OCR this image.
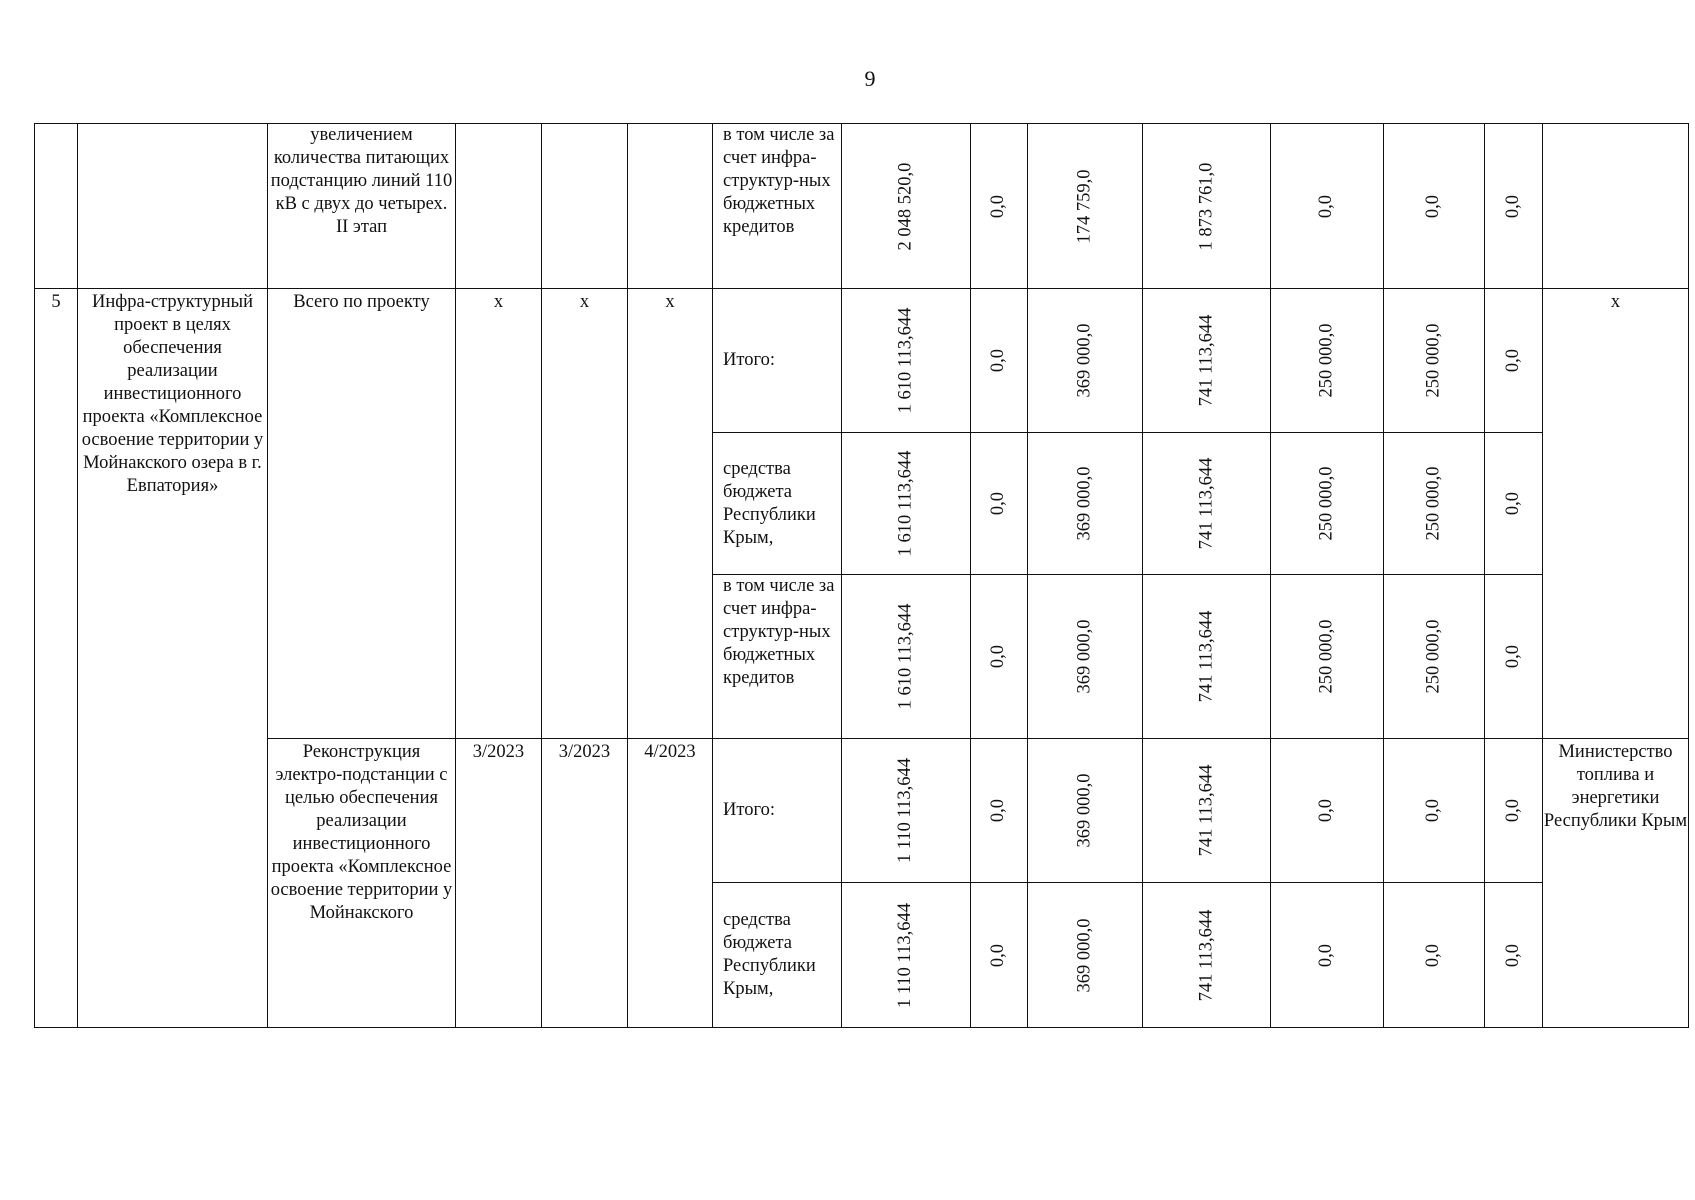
9
		увеличением количества питающих подстанцию линий 110 кВ с двух до четырех. II этап				в том числе за счет инфра-структур-ных бюджетных кредитов	2 048 520,0	0,0	174 759,0	1 873 761,0	0,0	0,0	0,0	
5	Инфра-структурный проект в целях обеспечения реализации инвестиционного проекта «Комплексное освоение территории у Мойнакского озера в г. Евпатория»	Всего по проекту	x	x	x	Итого:	1 610 113,644	0,0	369 000,0	741 113,644	250 000,0	250 000,0	0,0	x
						средства бюджета Республики Крым,	1 610 113,644	0,0	369 000,0	741 113,644	250 000,0	250 000,0	0,0	
						в том числе за счет инфра-структур-ных бюджетных кредитов	1 610 113,644	0,0	369 000,0	741 113,644	250 000,0	250 000,0	0,0	
		Реконструкция электро-подстанции с целью обеспечения реализации инвестиционного проекта «Комплексное освоение территории у Мойнакского	3/2023	3/2023	4/2023	Итого:	1 110 113,644	0,0	369 000,0	741 113,644	0,0	0,0	0,0	Министерство топлива и энергетики Республики Крым
						средства бюджета Республики Крым,	1 110 113,644	0,0	369 000,0	741 113,644	0,0	0,0	0,0	
